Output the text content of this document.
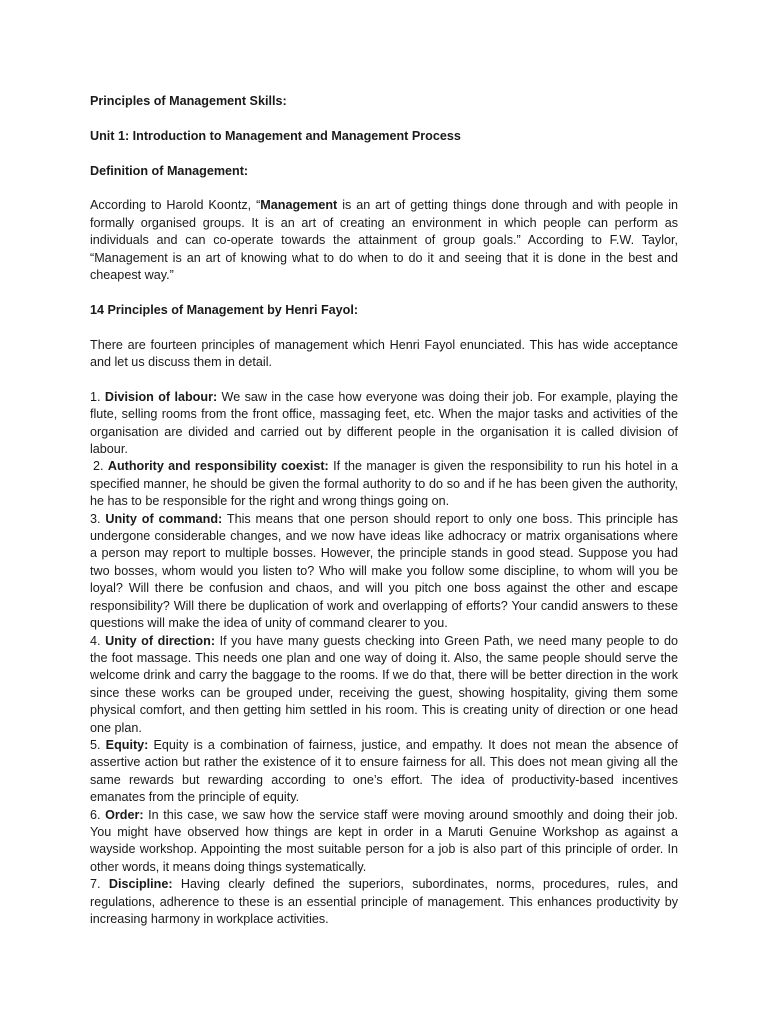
Principles of Management Skills:
Unit 1: Introduction to Management and Management Process
Definition of Management:

According to Harold Koontz, “Management is an art of getting things done through and with people in formally organised groups. It is an art of creating an environment in which people can perform as individuals and can co-operate towards the attainment of group goals.” According to F.W. Taylor, “Management is an art of knowing what to do when to do it and seeing that it is done in the best and cheapest way.”

14 Principles of Management by Henri Fayol:

There are fourteen principles of management which Henri Fayol enunciated. This has wide acceptance and let us discuss them in detail.

1. Division of labour: We saw in the case how everyone was doing their job. For example, playing the flute, selling rooms from the front office, massaging feet, etc. When the major tasks and activities of the organisation are divided and carried out by different people in the organisation it is called division of labour.
2. Authority and responsibility coexist: If the manager is given the responsibility to run his hotel in a specified manner, he should be given the formal authority to do so and if he has been given the authority, he has to be responsible for the right and wrong things going on.
3. Unity of command: This means that one person should report to only one boss. This principle has undergone considerable changes, and we now have ideas like adhocracy or matrix organisations where a person may report to multiple bosses. However, the principle stands in good stead. Suppose you had two bosses, whom would you listen to? Who will make you follow some discipline, to whom will you be loyal? Will there be confusion and chaos, and will you pitch one boss against the other and escape responsibility? Will there be duplication of work and overlapping of efforts? Your candid answers to these questions will make the idea of unity of command clearer to you.
4. Unity of direction: If you have many guests checking into Green Path, we need many people to do the foot massage. This needs one plan and one way of doing it. Also, the same people should serve the welcome drink and carry the baggage to the rooms. If we do that, there will be better direction in the work since these works can be grouped under, receiving the guest, showing hospitality, giving them some physical comfort, and then getting him settled in his room. This is creating unity of direction or one head one plan.
5. Equity: Equity is a combination of fairness, justice, and empathy. It does not mean the absence of assertive action but rather the existence of it to ensure fairness for all. This does not mean giving all the same rewards but rewarding according to one’s effort. The idea of productivity-based incentives emanates from the principle of equity.
6. Order: In this case, we saw how the service staff were moving around smoothly and doing their job. You might have observed how things are kept in order in a Maruti Genuine Workshop as against a wayside workshop. Appointing the most suitable person for a job is also part of this principle of order. In other words, it means doing things systematically.
7. Discipline: Having clearly defined the superiors, subordinates, norms, procedures, rules, and regulations, adherence to these is an essential principle of management. This enhances productivity by increasing harmony in workplace activities.
